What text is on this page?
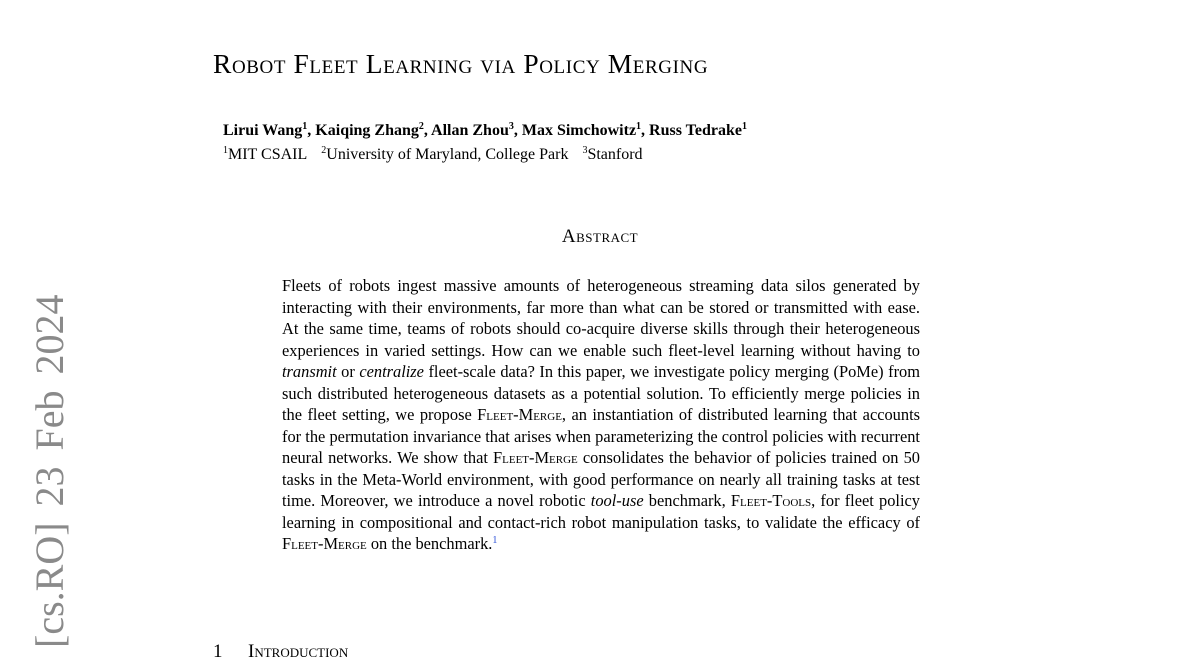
[cs.RO] 23 Feb 2024
Robot Fleet Learning via Policy Merging
Lirui Wang$^1$, Kaiqing Zhang$^2$, Allan Zhou$^3$, Max Simchowitz$^1$, Russ Tedrake$^1$
$^1$MIT CSAIL $^2$University of Maryland, College Park $^3$Stanford
Abstract
Fleets of robots ingest massive amounts of heterogeneous streaming data silos generated by interacting with their environments, far more than what can be stored or transmitted with ease. At the same time, teams of robots should co-acquire diverse skills through their heterogeneous experiences in varied settings. How can we enable such fleet-level learning without having to transmit or centralize fleet-scale data? In this paper, we investigate policy merging (PoMe) from such distributed heterogeneous datasets as a potential solution. To efficiently merge policies in the fleet setting, we propose Fleet-Merge, an instantiation of distributed learning that accounts for the permutation invariance that arises when parameterizing the control policies with recurrent neural networks. We show that Fleet-Merge consolidates the behavior of policies trained on 50 tasks in the Meta-World environment, with good performance on nearly all training tasks at test time. Moreover, we introduce a novel robotic tool-use benchmark, Fleet-Tools, for fleet policy learning in compositional and contact-rich robot manipulation tasks, to validate the efficacy of Fleet-Merge on the benchmark.$^1$
1 Introduction
